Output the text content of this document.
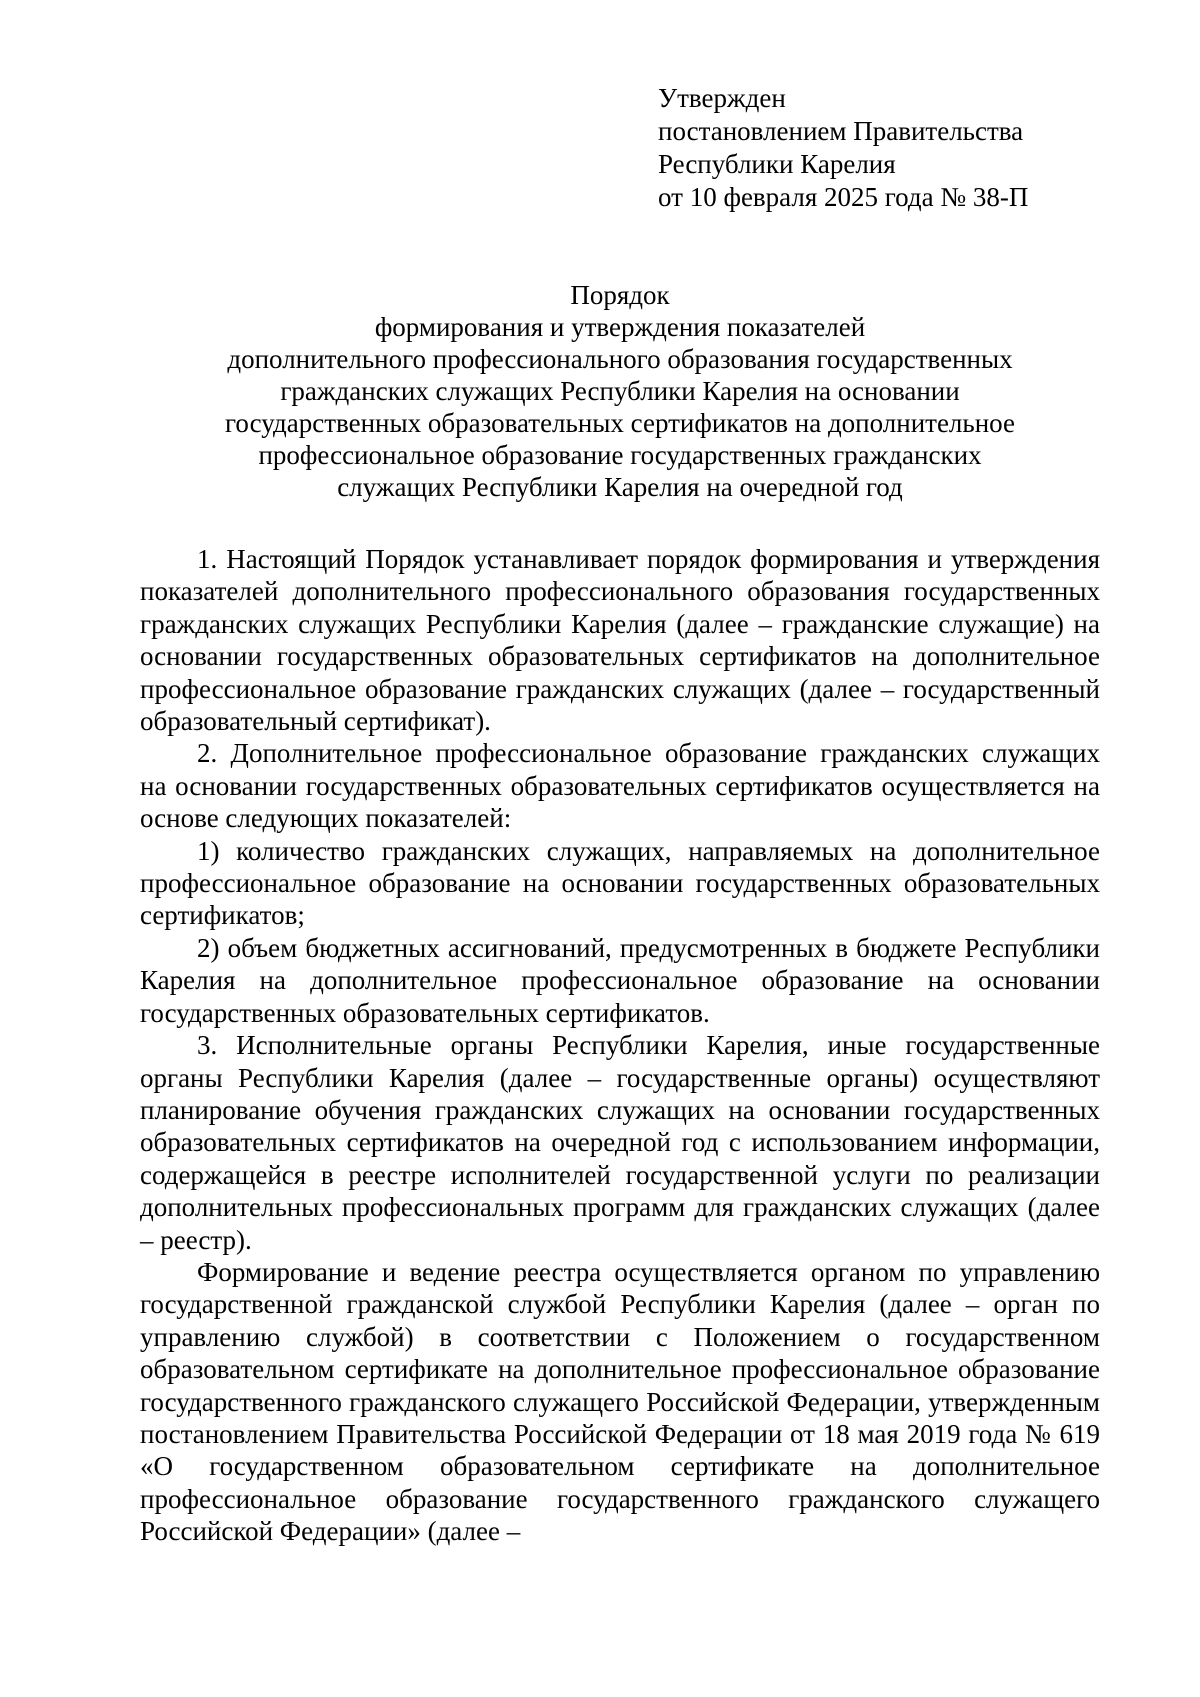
Утвержден
постановлением Правительства
Республики Карелия
от 10 февраля 2025 года № 38-П
Порядок
формирования и утверждения показателей
дополнительного профессионального образования государственных
гражданских служащих Республики Карелия на основании
государственных образовательных сертификатов на дополнительное
профессиональное образование государственных гражданских
служащих Республики Карелия на очередной год

1. Настоящий Порядок устанавливает порядок формирования и утверждения показателей дополнительного профессионального образования государственных гражданских служащих Республики Карелия (далее – гражданские служащие) на основании государственных образовательных сертификатов на дополнительное профессиональное образование гражданских служащих (далее – государственный образовательный сертификат).

2. Дополнительное профессиональное образование гражданских служащих на основании государственных образовательных сертификатов осуществляется на основе следующих показателей:

1) количество гражданских служащих, направляемых на дополнительное профессиональное образование на основании государственных образовательных сертификатов;

2) объем бюджетных ассигнований, предусмотренных в бюджете Республики Карелия на дополнительное профессиональное образование на основании государственных образовательных сертификатов.

3. Исполнительные органы Республики Карелия, иные государственные органы Республики Карелия (далее – государственные органы) осуществляют планирование обучения гражданских служащих на основании государственных образовательных сертификатов на очередной год с использованием информации, содержащейся в реестре исполнителей государственной услуги по реализации дополнительных профессиональных программ для гражданских служащих (далее – реестр).

Формирование и ведение реестра осуществляется органом по управлению государственной гражданской службой Республики Карелия (далее – орган по управлению службой) в соответствии с Положением о государственном образовательном сертификате на дополнительное профессиональное образование государственного гражданского служащего Российской Федерации, утвержденным постановлением Правительства Российской Федерации от 18 мая 2019 года № 619 «О государственном образовательном сертификате на дополнительное профессиональное образование государственного гражданского служащего Российской Федерации» (далее –
